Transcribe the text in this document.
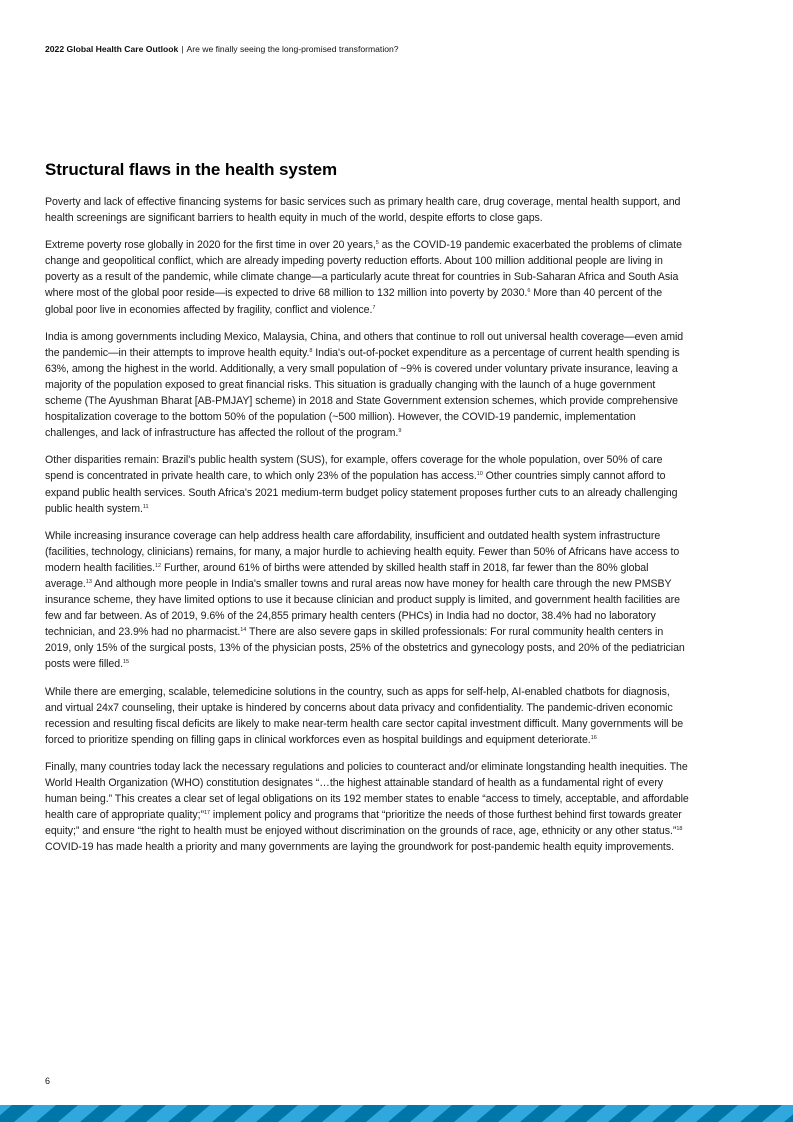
2022 Global Health Care Outlook | Are we finally seeing the long-promised transformation?
Structural flaws in the health system

Poverty and lack of effective financing systems for basic services such as primary health care, drug coverage, mental health support, and health screenings are significant barriers to health equity in much of the world, despite efforts to close gaps.

Extreme poverty rose globally in 2020 for the first time in over 20 years,$^5$ as the COVID-19 pandemic exacerbated the problems of climate change and geopolitical conflict, which are already impeding poverty reduction efforts. About 100 million additional people are living in poverty as a result of the pandemic, while climate change—a particularly acute threat for countries in Sub-Saharan Africa and South Asia where most of the global poor reside—is expected to drive 68 million to 132 million into poverty by 2030.$^6$ More than 40 percent of the global poor live in economies affected by fragility, conflict and violence.$^7$

India is among governments including Mexico, Malaysia, China, and others that continue to roll out universal health coverage—even amid the pandemic—in their attempts to improve health equity.$^8$ India's out-of-pocket expenditure as a percentage of current health spending is 63%, among the highest in the world. Additionally, a very small population of ~9% is covered under voluntary private insurance, leaving a majority of the population exposed to great financial risks. This situation is gradually changing with the launch of a huge government scheme (The Ayushman Bharat [AB-PMJAY] scheme) in 2018 and State Government extension schemes, which provide comprehensive hospitalization coverage to the bottom 50% of the population (~500 million). However, the COVID-19 pandemic, implementation challenges, and lack of infrastructure has affected the rollout of the program.$^9$

Other disparities remain: Brazil's public health system (SUS), for example, offers coverage for the whole population, over 50% of care spend is concentrated in private health care, to which only 23% of the population has access.$^{10}$ Other countries simply cannot afford to expand public health services. South Africa's 2021 medium-term budget policy statement proposes further cuts to an already challenging public health system.$^{11}$

While increasing insurance coverage can help address health care affordability, insufficient and outdated health system infrastructure (facilities, technology, clinicians) remains, for many, a major hurdle to achieving health equity. Fewer than 50% of Africans have access to modern health facilities.$^{12}$ Further, around 61% of births were attended by skilled health staff in 2018, far fewer than the 80% global average.$^{13}$ And although more people in India's smaller towns and rural areas now have money for health care through the new PMSBY insurance scheme, they have limited options to use it because clinician and product supply is limited, and government health facilities are few and far between. As of 2019, 9.6% of the 24,855 primary health centers (PHCs) in India had no doctor, 38.4% had no laboratory technician, and 23.9% had no pharmacist.$^{14}$ There are also severe gaps in skilled professionals: For rural community health centers in 2019, only 15% of the surgical posts, 13% of the physician posts, 25% of the obstetrics and gynecology posts, and 20% of the pediatrician posts were filled.$^{15}$

While there are emerging, scalable, telemedicine solutions in the country, such as apps for self-help, AI-enabled chatbots for diagnosis, and virtual 24x7 counseling, their uptake is hindered by concerns about data privacy and confidentiality. The pandemic-driven economic recession and resulting fiscal deficits are likely to make near-term health care sector capital investment difficult. Many governments will be forced to prioritize spending on filling gaps in clinical workforces even as hospital buildings and equipment deteriorate.$^{16}$

Finally, many countries today lack the necessary regulations and policies to counteract and/or eliminate longstanding health inequities. The World Health Organization (WHO) constitution designates “…the highest attainable standard of health as a fundamental right of every human being.” This creates a clear set of legal obligations on its 192 member states to enable “access to timely, acceptable, and affordable health care of appropriate quality;”$^{17}$ implement policy and programs that “prioritize the needs of those furthest behind first towards greater equity;” and ensure “the right to health must be enjoyed without discrimination on the grounds of race, age, ethnicity or any other status.”$^{18}$ COVID-19 has made health a priority and many governments are laying the groundwork for post-pandemic health equity improvements.

6
